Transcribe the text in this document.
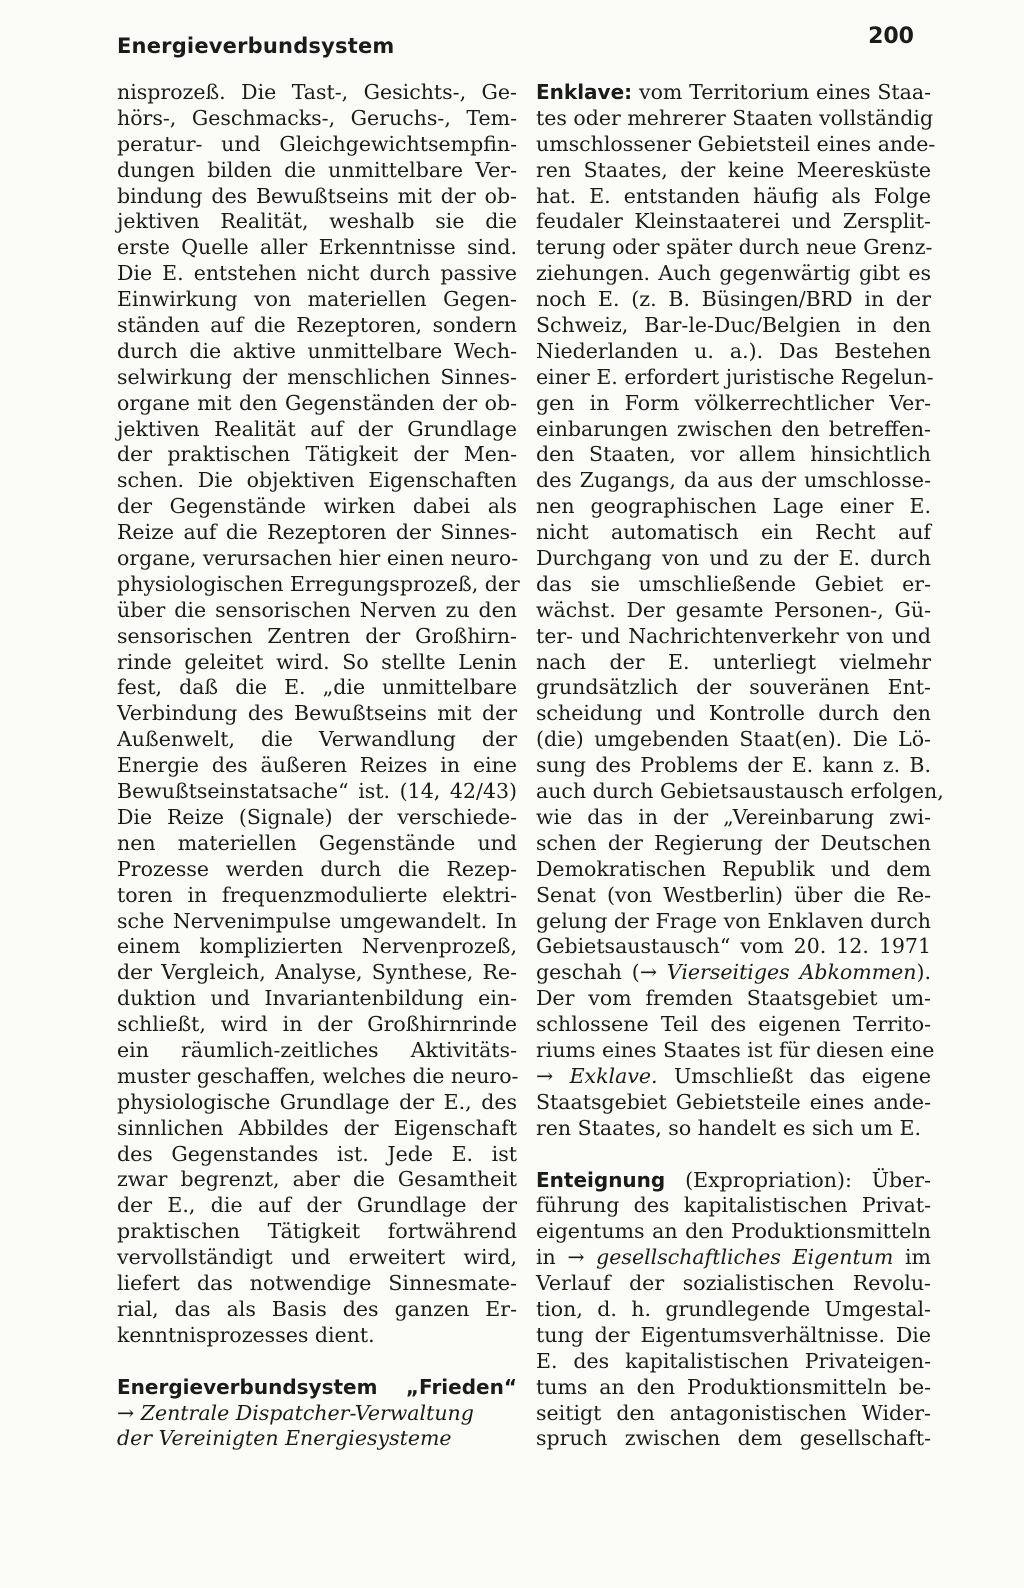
Energieverbundsystem	200
nisprozeß. Die Tast-, Gesichts-, Ge-
hörs-, Geschmacks-, Geruchs-, Tem-
peratur- und Gleichgewichtsempfin-
dungen bilden die unmittelbare Ver-
bindung des Bewußtseins mit der ob-
jektiven Realität, weshalb sie die
erste Quelle aller Erkenntnisse sind.
Die E. entstehen nicht durch passive
Einwirkung von materiellen Gegen-
ständen auf die Rezeptoren, sondern
durch die aktive unmittelbare Wech-
selwirkung der menschlichen Sinnes-
organe mit den Gegenständen der ob-
jektiven Realität auf der Grundlage
der praktischen Tätigkeit der Men-
schen. Die objektiven Eigenschaften
der Gegenstände wirken dabei als
Reize auf die Rezeptoren der Sinnes-
organe, verursachen hier einen neuro-
physiologischen Erregungsprozeß, der
über die sensorischen Nerven zu den
sensorischen Zentren der Großhirn-
rinde geleitet wird. So stellte Lenin
fest, daß die E. „die unmittelbare
Verbindung des Bewußtseins mit der
Außenwelt, die Verwandlung der
Energie des äußeren Reizes in eine
Bewußtseinstatsache“ ist. (14, 42/43)
Die Reize (Signale) der verschiede-
nen materiellen Gegenstände und
Prozesse werden durch die Rezep-
toren in frequenzmodulierte elektri-
sche Nervenimpulse umgewandelt. In
einem komplizierten Nervenprozeß,
der Vergleich, Analyse, Synthese, Re-
duktion und Invariantenbildung ein-
schließt, wird in der Großhirnrinde
ein räumlich-zeitliches Aktivitäts-
muster geschaffen, welches die neuro-
physiologische Grundlage der E., des
sinnlichen Abbildes der Eigenschaft
des Gegenstandes ist. Jede E. ist
zwar begrenzt, aber die Gesamtheit
der E., die auf der Grundlage der
praktischen Tätigkeit fortwährend
vervollständigt und erweitert wird,
liefert das notwendige Sinnesmate-
rial, das als Basis des ganzen Er-
kenntnisprozesses dient.
Energieverbundsystem „Frieden“
→ Zentrale Dispatcher-Verwaltung
der Vereinigten Energiesysteme
Enklave: vom Territorium eines Staa-
tes oder mehrerer Staaten vollständig
umschlossener Gebietsteil eines ande-
ren Staates, der keine Meeresküste
hat. E. entstanden häufig als Folge
feudaler Kleinstaaterei und Zersplit-
terung oder später durch neue Grenz-
ziehungen. Auch gegenwärtig gibt es
noch E. (z. B. Büsingen/BRD in der
Schweiz, Bar-le-Duc/Belgien in den
Niederlanden u. a.). Das Bestehen
einer E. erfordert juristische Regelun-
gen in Form völkerrechtlicher Ver-
einbarungen zwischen den betreffen-
den Staaten, vor allem hinsichtlich
des Zugangs, da aus der umschlosse-
nen geographischen Lage einer E.
nicht automatisch ein Recht auf
Durchgang von und zu der E. durch
das sie umschließende Gebiet er-
wächst. Der gesamte Personen-, Gü-
ter- und Nachrichtenverkehr von und
nach der E. unterliegt vielmehr
grundsätzlich der souveränen Ent-
scheidung und Kontrolle durch den
(die) umgebenden Staat(en). Die Lö-
sung des Problems der E. kann z. B.
auch durch Gebietsaustausch erfolgen,
wie das in der „Vereinbarung zwi-
schen der Regierung der Deutschen
Demokratischen Republik und dem
Senat (von Westberlin) über die Re-
gelung der Frage von Enklaven durch
Gebietsaustausch“ vom 20. 12. 1971
geschah (→ Vierseitiges Abkommen).
Der vom fremden Staatsgebiet um-
schlossene Teil des eigenen Territo-
riums eines Staates ist für diesen eine
→ Exklave. Umschließt das eigene
Staatsgebiet Gebietsteile eines ande-
ren Staates, so handelt es sich um E.
Enteignung (Expropriation): Über-
führung des kapitalistischen Privat-
eigentums an den Produktionsmitteln
in → gesellschaftliches Eigentum im
Verlauf der sozialistischen Revolu-
tion, d. h. grundlegende Umgestal-
tung der Eigentumsverhältnisse. Die
E. des kapitalistischen Privateigen-
tums an den Produktionsmitteln be-
seitigt den antagonistischen Wider-
spruch zwischen dem gesellschaft-
